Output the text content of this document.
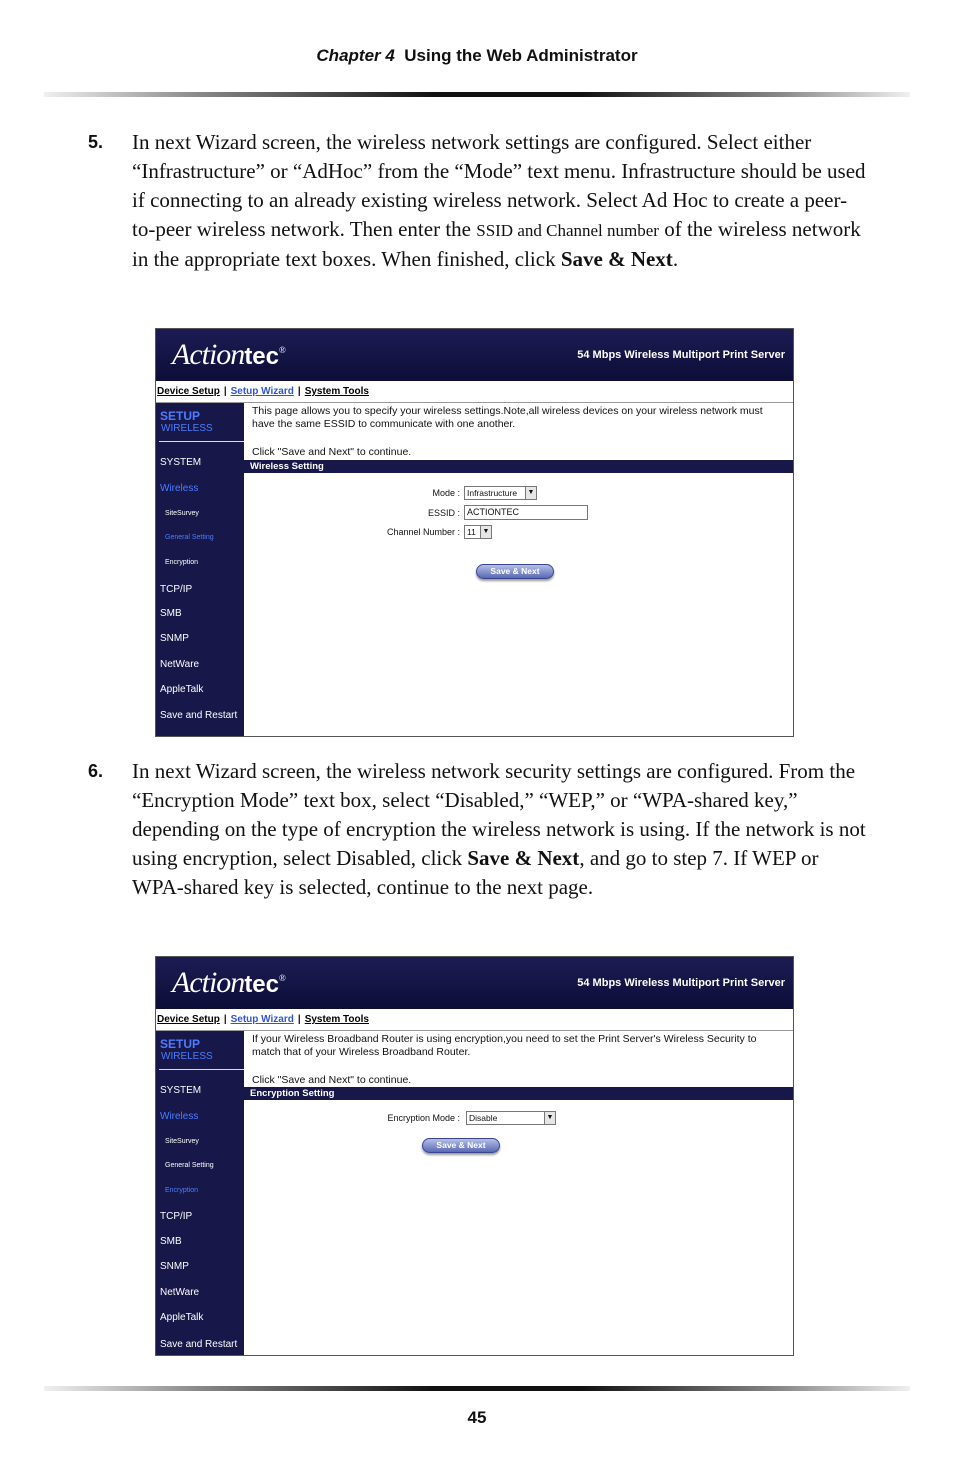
Chapter 4 Using the Web Administrator
5. In next Wizard screen, the wireless network settings are configured. Select either “Infrastructure” or “AdHoc” from the “Mode” text menu. Infrastructure should be used if connecting to an already existing wireless network. Select Ad Hoc to create a peer-to-peer wireless network. Then enter the SSID and Channel number of the wireless network in the appropriate text boxes. When finished, click Save & Next.
Actiontec®	54 Mbps Wireless Multiport Print Server
Device Setup | Setup Wizard | System Tools
SETUP
WIRELESS
SYSTEM
Wireless
SiteSurvey
General Setting
Encryption
TCP/IP
SMB
SNMP
NetWare
AppleTalk
Save and Restart
This page allows you to specify your wireless settings.Note,all wireless devices on your wireless network must have the same ESSID to communicate with one another.
Click "Save and Next" to continue.
Wireless Setting
Mode : Infrastructure	▼
ESSID : ACTIONTEC
Channel Number : 11 ▼
Save & Next
6. In next Wizard screen, the wireless network security settings are configured. From the “Encryption Mode” text box, select “Disabled,” “WEP,” or “WPA-shared key,” depending on the type of encryption the wireless network is using. If the network is not using encryption, select Disabled, click Save & Next, and go to step 7. If WEP or WPA-shared key is selected, continue to the next page.
Actiontec®	54 Mbps Wireless Multiport Print Server
Device Setup | Setup Wizard | System Tools
SETUP
WIRELESS
SYSTEM
Wireless
SiteSurvey
General Setting
Encryption
TCP/IP
SMB
SNMP
NetWare
AppleTalk
Save and Restart
If your Wireless Broadband Router is using encryption,you need to set the Print Server's Wireless Security to match that of your Wireless Broadband Router.
Click "Save and Next" to continue.
Encryption Setting
Encryption Mode :	Disable	▼
Save & Next
45
